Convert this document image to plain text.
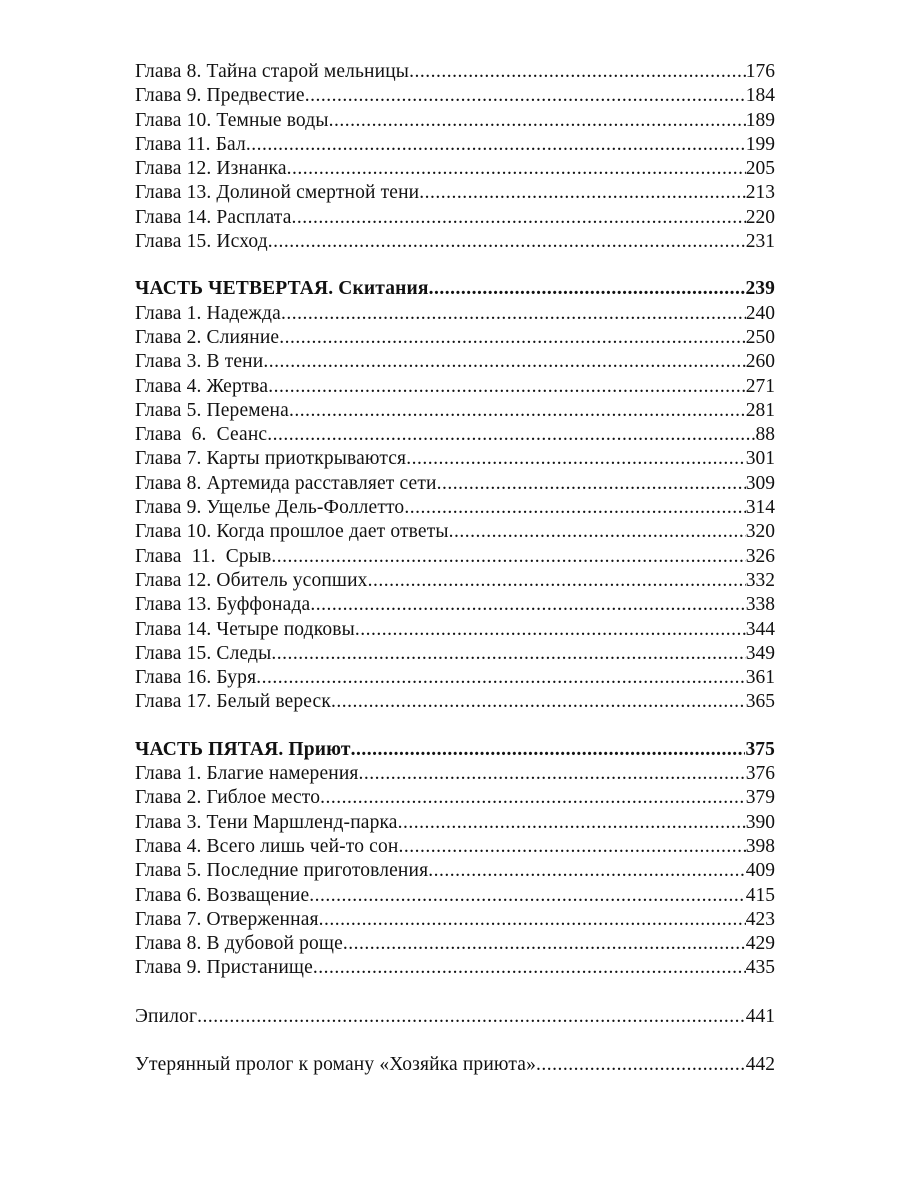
Глава 8. Тайна старой мельницы .....	176
Глава 9. Предвестие .....	184
Глава 10. Темные воды .....	189
Глава 11. Бал .....	199
Глава 12. Изнанка .....	205
Глава 13. Долиной смертной тени .....	213
Глава 14. Расплата .....	220
Глава 15. Исход .....	231
ЧАСТЬ ЧЕТВЕРТАЯ. Скитания .....	239
Глава 1. Надежда .....	240
Глава 2. Слияние .....	250
Глава 3. В тени .....	260
Глава 4. Жертва .....	271
Глава 5. Перемена .....	281
Глава  6.  Сеанс .....	88
Глава 7. Карты приоткрываются .....	301
Глава 8. Артемида расставляет сети .....	309
Глава 9. Ущелье Дель-Фоллетто .....	314
Глава 10. Когда прошлое дает ответы .....	320
Глава  11.  Срыв .....	326
Глава 12. Обитель усопших .....	332
Глава 13. Буффонада .....	338
Глава 14. Четыре подковы .....	344
Глава 15. Следы .....	349
Глава 16. Буря .....	361
Глава 17. Белый вереск .....	365
ЧАСТЬ ПЯТАЯ. Приют .....	375
Глава 1. Благие намерения .....	376
Глава 2. Гиблое место .....	379
Глава 3. Тени Маршленд-парка .....	390
Глава 4. Всего лишь чей-то сон .....	398
Глава 5. Последние приготовления .....	409
Глава 6. Возващение .....	415
Глава 7. Отверженная .....	423
Глава 8. В дубовой роще .....	429
Глава 9. Пристанище .....	435
Эпилог .....	441
Утерянный пролог к роману «Хозяйка приюта» .....	442
